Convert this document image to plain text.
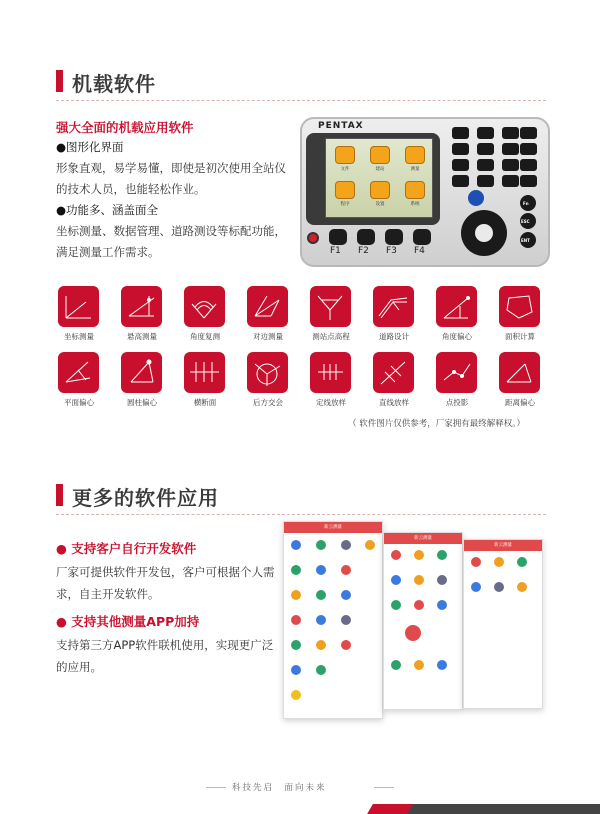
机载软件
强大全面的机载应用软件
●图形化界面
形象直观，易学易懂，即使是初次使用全站仪
的技术人员，也能轻松作业。
●功能多、涵盖面全
坐标测量、数据管理、道路测设等标配功能，
满足测量工作需求。
PENTAX
文件	建站	测量
程序	设置	系统
F1 F2 F3 F4
Fn
ESC
ENT
坐标测量	悬高测量	角度复测	对边测量	测站点高程	道路设计	角度偏心	面积计算
平面偏心	圆柱偏心	横断面	后方交会	定线放样	直线放样	点投影	距离偏心
（ 软件图片仅供参考，厂家拥有最终解释权。）
更多的软件应用
● 支持客户自行开发软件
厂家可提供软件开发包，客户可根据个人需
求，自主开发软件。
● 支持其他测量APP加持
支持第三方APP软件联机使用，实现更广泛
的应用。
新云测量
新云测量
新云测量
科技先启　面向未来
